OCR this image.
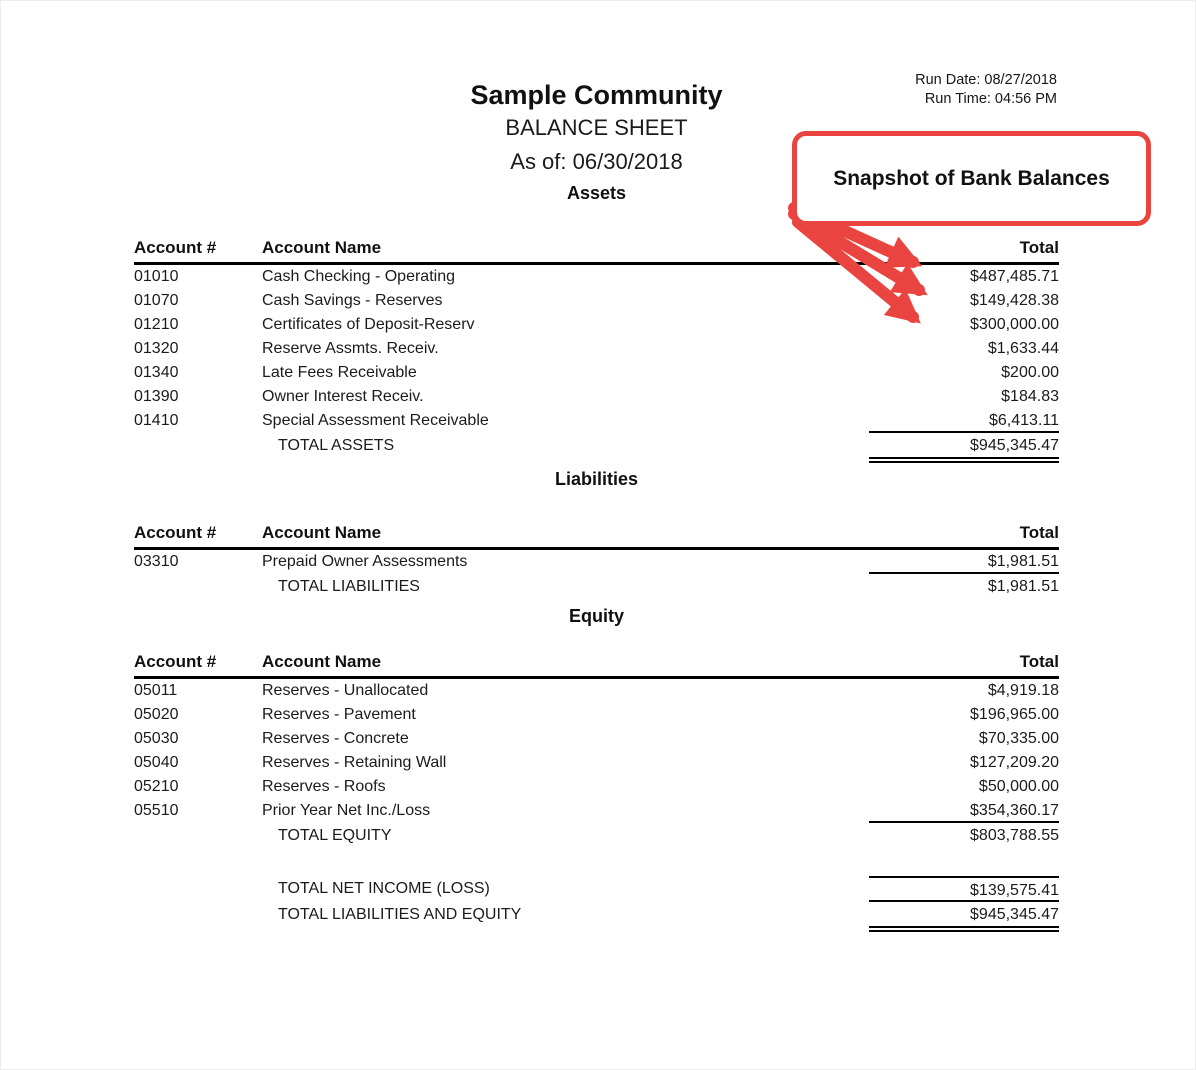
Run Date: 08/27/2018
Run Time: 04:56 PM
Snapshot of Bank Balances
Sample Community
BALANCE SHEET
As of: 06/30/2018
Assets
Account #	Account Name	Total
01010	Cash Checking - Operating	$487,485.71
01070	Cash Savings - Reserves	$149,428.38
01210	Certificates of Deposit-Reserv	$300,000.00
01320	Reserve Assmts. Receiv.	$1,633.44
01340	Late Fees Receivable	$200.00
01390	Owner Interest Receiv.	$184.83
01410	Special Assessment Receivable	$6,413.11
TOTAL ASSETS	$945,345.47
Liabilities
Account #	Account Name	Total
03310	Prepaid Owner Assessments	$1,981.51
TOTAL LIABILITIES	$1,981.51
Equity
Account #	Account Name	Total
05011	Reserves - Unallocated	$4,919.18
05020	Reserves - Pavement	$196,965.00
05030	Reserves - Concrete	$70,335.00
05040	Reserves - Retaining Wall	$127,209.20
05210	Reserves - Roofs	$50,000.00
05510	Prior Year Net Inc./Loss	$354,360.17
TOTAL EQUITY	$803,788.55
TOTAL NET INCOME (LOSS)	$139,575.41
TOTAL LIABILITIES AND EQUITY	$945,345.47
